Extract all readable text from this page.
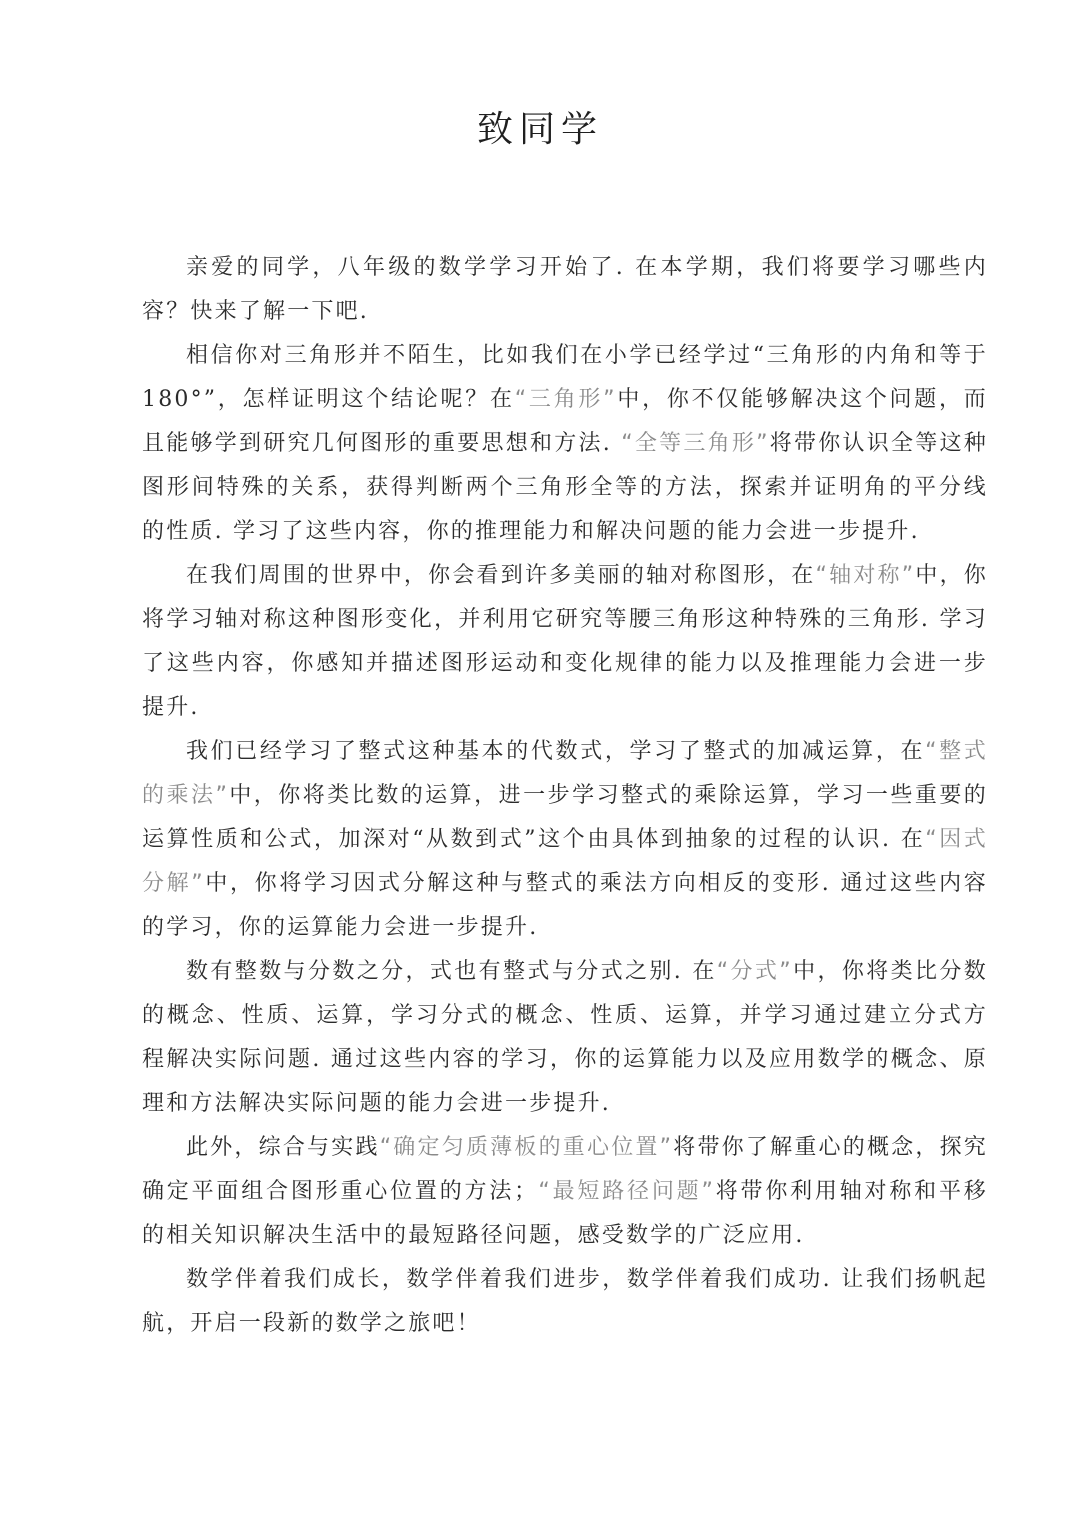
致同学

亲爱的同学，八年级的数学学习开始了. 在本学期，我们将要学习哪些内容？快来了解一下吧.

相信你对三角形并不陌生，比如我们在小学已经学过“三角形的内角和等于 180°”，怎样证明这个结论呢？在“三角形”中，你不仅能够解决这个问题，而且能够学到研究几何图形的重要思想和方法. “全等三角形”将带你认识全等这种图形间特殊的关系，获得判断两个三角形全等的方法，探索并证明角的平分线的性质. 学习了这些内容，你的推理能力和解决问题的能力会进一步提升.

在我们周围的世界中，你会看到许多美丽的轴对称图形，在“轴对称”中，你将学习轴对称这种图形变化，并利用它研究等腰三角形这种特殊的三角形. 学习了这些内容，你感知并描述图形运动和变化规律的能力以及推理能力会进一步提升.

我们已经学习了整式这种基本的代数式，学习了整式的加减运算，在“整式的乘法”中，你将类比数的运算，进一步学习整式的乘除运算，学习一些重要的运算性质和公式，加深对“从数到式”这个由具体到抽象的过程的认识. 在“因式分解”中，你将学习因式分解这种与整式的乘法方向相反的变形. 通过这些内容的学习，你的运算能力会进一步提升.

数有整数与分数之分，式也有整式与分式之别. 在“分式”中，你将类比分数的概念、性质、运算，学习分式的概念、性质、运算，并学习通过建立分式方程解决实际问题. 通过这些内容的学习，你的运算能力以及应用数学的概念、原理和方法解决实际问题的能力会进一步提升.

此外，综合与实践“确定匀质薄板的重心位置”将带你了解重心的概念，探究确定平面组合图形重心位置的方法；“最短路径问题”将带你利用轴对称和平移的相关知识解决生活中的最短路径问题，感受数学的广泛应用.

数学伴着我们成长，数学伴着我们进步，数学伴着我们成功. 让我们扬帆起航，开启一段新的数学之旅吧！
